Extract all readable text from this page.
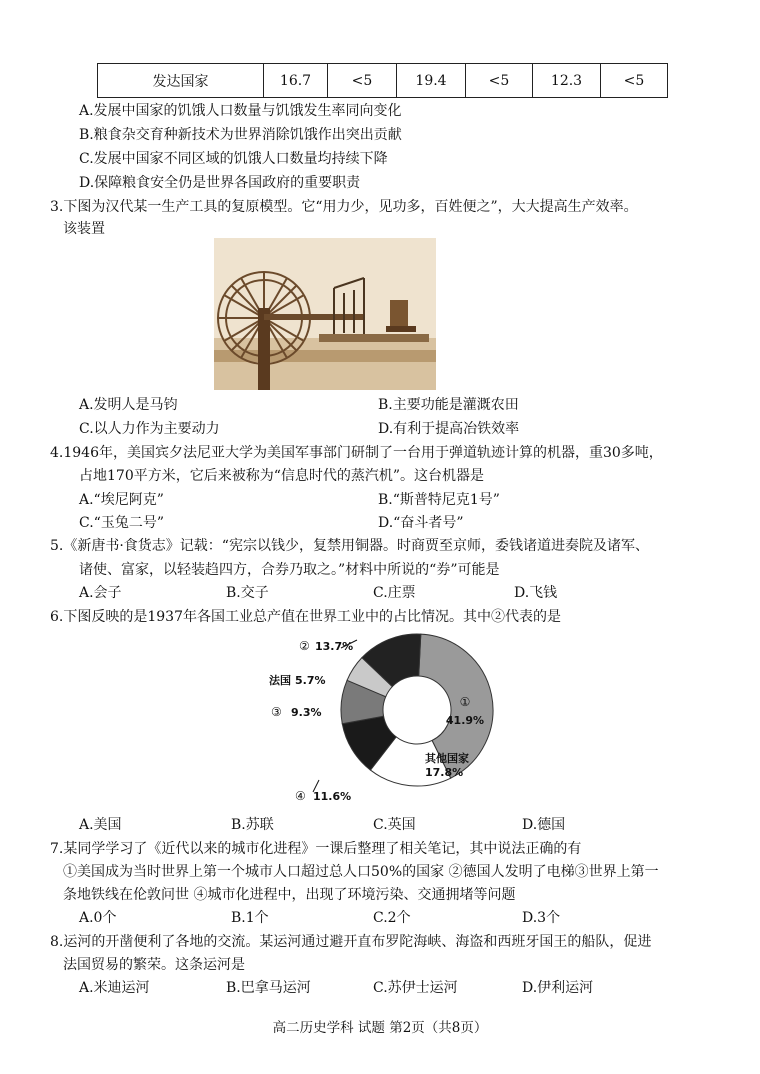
发达国家	16.7	<5	19.4	<5	12.3	<5
A.发展中国家的饥饿人口数量与饥饿发生率同向变化
B.粮食杂交育种新技术为世界消除饥饿作出突出贡献
C.发展中国家不同区域的饥饿人口数量均持续下降
D.保障粮食安全仍是世界各国政府的重要职责
3.下图为汉代某一生产工具的复原模型。它“用力少，见功多，百姓便之”，大大提高生产效率。
该装置
A.发明人是马钧	B.主要功能是灌溉农田
C.以人力作为主要动力	D.有利于提高冶铁效率
4.1946年，美国宾夕法尼亚大学为美国军事部门研制了一台用于弹道轨迹计算的机器，重30多吨，
占地170平方米，它后来被称为“信息时代的蒸汽机”。这台机器是
A.“埃尼阿克”	B.“斯普特尼克1号”
C.“玉兔二号”	D.“奋斗者号”
5.《新唐书·食货志》记载：“宪宗以钱少，复禁用铜器。时商贾至京师，委钱诸道进奏院及诸军、
诸使、富家，以轻装趋四方，合券乃取之。”材料中所说的“券”可能是
A.会子	B.交子	C.庄票	D.飞钱
6.下图反映的是1937年各国工业总产值在世界工业中的占比情况。其中②代表的是
①
41.9%
其他国家
17.8%
④ 11.6%
③ 9.3%
法国 5.7%
② 13.7%
A.美国	B.苏联	C.英国	D.德国
7.某同学学习了《近代以来的城市化进程》一课后整理了相关笔记，其中说法正确的有
①美国成为当时世界上第一个城市人口超过总人口50%的国家 ②德国人发明了电梯③世界上第一
条地铁线在伦敦问世 ④城市化进程中，出现了环境污染、交通拥堵等问题
A.0个	B.1个	C.2个	D.3个
8.运河的开凿便利了各地的交流。某运河通过避开直布罗陀海峡、海盗和西班牙国王的船队，促进
法国贸易的繁荣。这条运河是
A.米迪运河	B.巴拿马运河	C.苏伊士运河	D.伊利运河
高二历史学科 试题 第2页（共8页）
